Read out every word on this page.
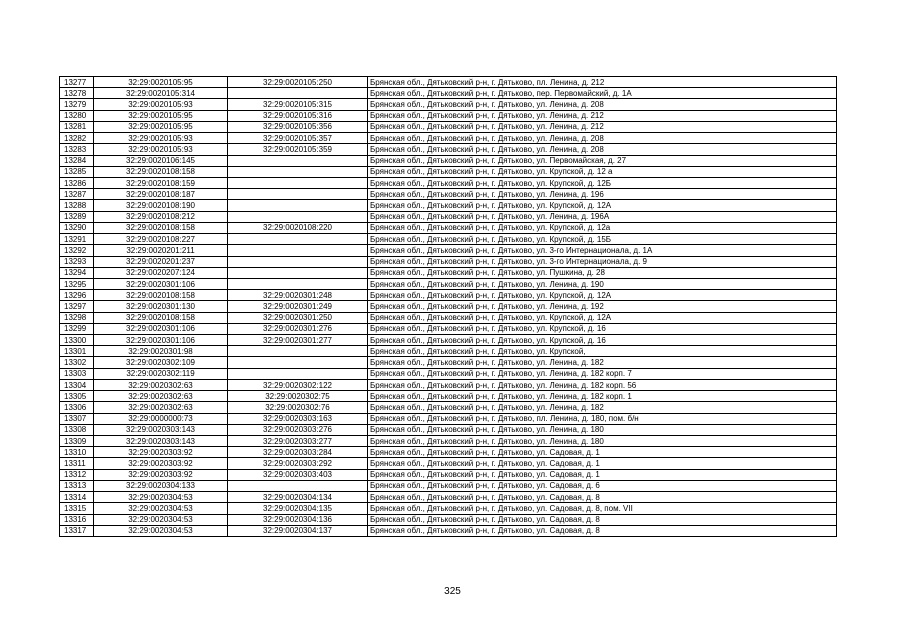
13277	32:29:0020105:95	32:29:0020105:250	Брянская обл., Дятьковский р-н, г. Дятьково, пл. Ленина, д. 212
13278	32:29:0020105:314		Брянская обл., Дятьковский р-н, г. Дятьково, пер. Первомайский, д. 1А
13279	32:29:0020105:93	32:29:0020105:315	Брянская обл., Дятьковский р-н, г. Дятьково, ул. Ленина, д. 208
13280	32:29:0020105:95	32:29:0020105:316	Брянская обл., Дятьковский р-н, г. Дятьково, ул. Ленина, д. 212
13281	32:29:0020105:95	32:29:0020105:356	Брянская обл., Дятьковский р-н, г. Дятьково, ул. Ленина, д. 212
13282	32:29:0020105:93	32:29:0020105:357	Брянская обл., Дятьковский р-н, г. Дятьково, ул. Ленина, д. 208
13283	32:29:0020105:93	32:29:0020105:359	Брянская обл., Дятьковский р-н, г. Дятьково, ул. Ленина, д. 208
13284	32:29:0020106:145		Брянская обл., Дятьковский р-н, г. Дятьково, ул. Первомайская, д. 27
13285	32:29:0020108:158		Брянская обл., Дятьковский р-н, г. Дятьково, ул. Крупской, д. 12 а
13286	32:29:0020108:159		Брянская обл., Дятьковский р-н, г. Дятьково, ул. Крупской, д. 12Б
13287	32:29:0020108:187		Брянская обл., Дятьковский р-н, г. Дятьково, ул. Ленина, д. 196
13288	32:29:0020108:190		Брянская обл., Дятьковский р-н, г. Дятьково, ул. Крупской, д. 12А
13289	32:29:0020108:212		Брянская обл., Дятьковский р-н, г. Дятьково, ул. Ленина, д. 196А
13290	32:29:0020108:158	32:29:0020108:220	Брянская обл., Дятьковский р-н, г. Дятьково, ул. Крупской, д. 12а
13291	32:29:0020108:227		Брянская обл., Дятьковский р-н, г. Дятьково, ул. Крупской, д. 15Б
13292	32:29:0020201:211		Брянская обл., Дятьковский р-н, г. Дятьково, ул. 3-го Интернационала, д. 1А
13293	32:29:0020201:237		Брянская обл., Дятьковский р-н, г. Дятьково, ул. 3-го Интернационала, д. 9
13294	32:29:0020207:124		Брянская обл., Дятьковский р-н, г. Дятьково, ул. Пушкина, д. 28
13295	32:29:0020301:106		Брянская обл., Дятьковский р-н, г. Дятьково, ул. Ленина, д. 190
13296	32:29:0020108:158	32:29:0020301:248	Брянская обл., Дятьковский р-н, г. Дятьково, ул. Крупской, д. 12А
13297	32:29:0020301:130	32:29:0020301:249	Брянская обл., Дятьковский р-н, г. Дятьково, ул. Ленина, д. 192
13298	32:29:0020108:158	32:29:0020301:250	Брянская обл., Дятьковский р-н, г. Дятьково, ул. Крупской, д. 12А
13299	32:29:0020301:106	32:29:0020301:276	Брянская обл., Дятьковский р-н, г. Дятьково, ул. Крупской, д. 16
13300	32:29:0020301:106	32:29:0020301:277	Брянская обл., Дятьковский р-н, г. Дятьково, ул. Крупской, д. 16
13301	32:29:0020301:98		Брянская обл., Дятьковский р-н, г. Дятьково, ул. Крупской,
13302	32:29:0020302:109		Брянская обл., Дятьковский р-н, г. Дятьково, ул. Ленина, д. 182
13303	32:29:0020302:119		Брянская обл., Дятьковский р-н, г. Дятьково, ул. Ленина, д. 182 корп. 7
13304	32:29:0020302:63	32:29:0020302:122	Брянская обл., Дятьковский р-н, г. Дятьково, ул. Ленина, д. 182 корп. 56
13305	32:29:0020302:63	32:29:0020302:75	Брянская обл., Дятьковский р-н, г. Дятьково, ул. Ленина, д. 182 корп. 1
13306	32:29:0020302:63	32:29:0020302:76	Брянская обл., Дятьковский р-н, г. Дятьково, ул. Ленина, д. 182
13307	32:29:0000000:73	32:29:0020303:163	Брянская обл., Дятьковский р-н, г. Дятьково, пл. Ленина, д. 180, пом. б/н
13308	32:29:0020303:143	32:29:0020303:276	Брянская обл., Дятьковский р-н, г. Дятьково, ул. Ленина, д. 180
13309	32:29:0020303:143	32:29:0020303:277	Брянская обл., Дятьковский р-н, г. Дятьково, ул. Ленина, д. 180
13310	32:29:0020303:92	32:29:0020303:284	Брянская обл., Дятьковский р-н, г. Дятьково, ул. Садовая, д. 1
13311	32:29:0020303:92	32:29:0020303:292	Брянская обл., Дятьковский р-н, г. Дятьково, ул. Садовая, д. 1
13312	32:29:0020303:92	32:29:0020303:403	Брянская обл., Дятьковский р-н, г. Дятьково, ул. Садовая, д. 1
13313	32:29:0020304:133		Брянская обл., Дятьковский р-н, г. Дятьково, ул. Садовая, д. 6
13314	32:29:0020304:53	32:29:0020304:134	Брянская обл., Дятьковский р-н, г. Дятьково, ул. Садовая, д. 8
13315	32:29:0020304:53	32:29:0020304:135	Брянская обл., Дятьковский р-н, г. Дятьково, ул. Садовая, д. 8, пом. VII
13316	32:29:0020304:53	32:29:0020304:136	Брянская обл., Дятьковский р-н, г. Дятьково, ул. Садовая, д. 8
13317	32:29:0020304:53	32:29:0020304:137	Брянская обл., Дятьковский р-н, г. Дятьково, ул. Садовая, д. 8
325
